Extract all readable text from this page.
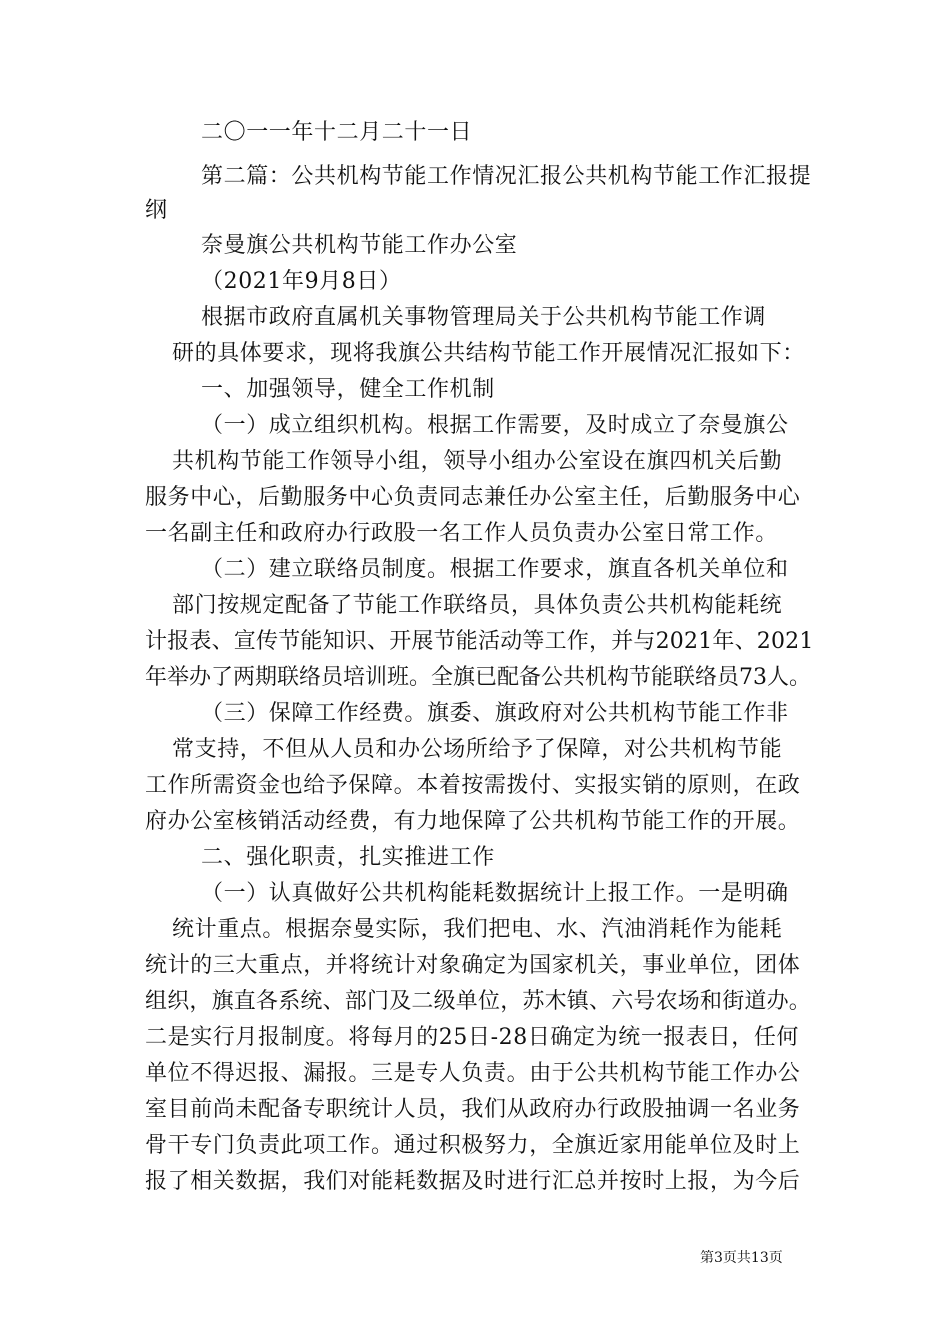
二〇一一年十二月二十一日
第二篇：公共机构节能工作情况汇报公共机构节能工作汇报提
纲
奈曼旗公共机构节能工作办公室
（2021年9月8日）
根据市政府直属机关事物管理局关于公共机构节能工作调
研的具体要求，现将我旗公共结构节能工作开展情况汇报如下：
一、加强领导，健全工作机制
（一）成立组织机构。根据工作需要，及时成立了奈曼旗公
共机构节能工作领导小组，领导小组办公室设在旗四机关后勤
服务中心，后勤服务中心负责同志兼任办公室主任，后勤服务中心
一名副主任和政府办行政股一名工作人员负责办公室日常工作。
（二）建立联络员制度。根据工作要求，旗直各机关单位和
部门按规定配备了节能工作联络员，具体负责公共机构能耗统
计报表、宣传节能知识、开展节能活动等工作，并与2021年、2021
年举办了两期联络员培训班。全旗已配备公共机构节能联络员73人。
（三）保障工作经费。旗委、旗政府对公共机构节能工作非
常支持，不但从人员和办公场所给予了保障，对公共机构节能
工作所需资金也给予保障。本着按需拨付、实报实销的原则，在政
府办公室核销活动经费，有力地保障了公共机构节能工作的开展。
二、强化职责，扎实推进工作
（一）认真做好公共机构能耗数据统计上报工作。一是明确
统计重点。根据奈曼实际，我们把电、水、汽油消耗作为能耗
统计的三大重点，并将统计对象确定为国家机关，事业单位，团体
组织，旗直各系统、部门及二级单位，苏木镇、六号农场和街道办。
二是实行月报制度。将每月的25日-28日确定为统一报表日，任何
单位不得迟报、漏报。三是专人负责。由于公共机构节能工作办公
室目前尚未配备专职统计人员，我们从政府办行政股抽调一名业务
骨干专门负责此项工作。通过积极努力，全旗近家用能单位及时上
报了相关数据，我们对能耗数据及时进行汇总并按时上报，为今后
第3页共13页
